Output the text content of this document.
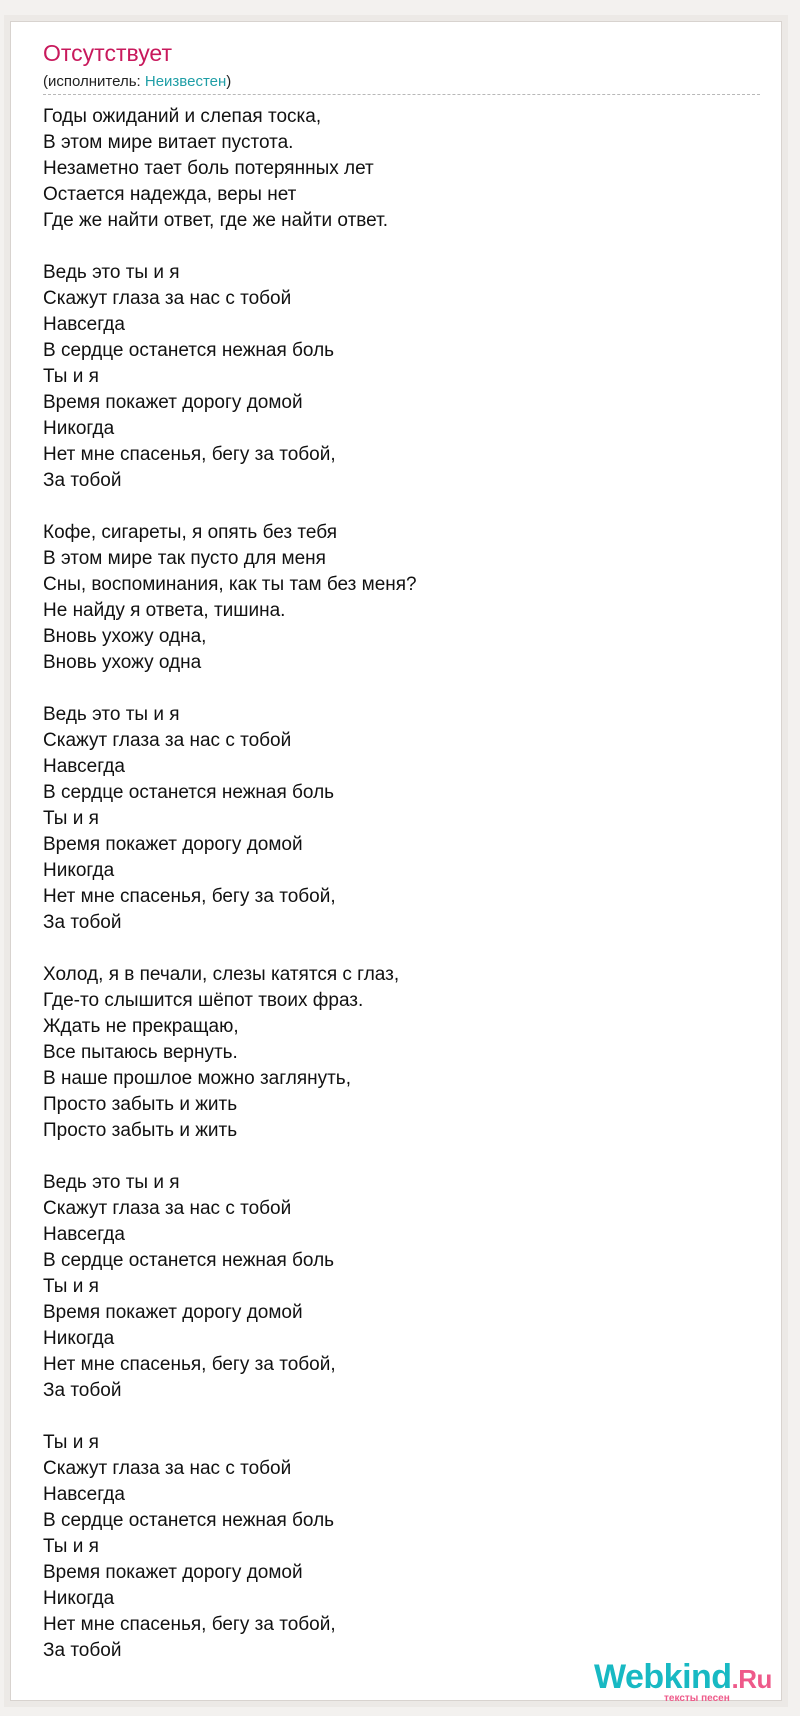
Отсутствует
(исполнитель: Неизвестен)
Годы ожиданий и слепая тоска,
В этом мире витает пустота.
Незаметно тает боль потерянных лет
Остается надежда, веры нет
Где же найти ответ, где же найти ответ.
Ведь это ты и я
Скажут глаза за нас с тобой
Навсегда
В сердце останется нежная боль
Ты и я
Время покажет дорогу домой
Никогда
Нет мне спасенья, бегу за тобой,
За тобой
Кофе, сигареты, я опять без тебя
В этом мире так пусто для меня
Сны, воспоминания, как ты там без меня?
Не найду я ответа, тишина.
Вновь ухожу одна,
Вновь ухожу одна
Ведь это ты и я
Скажут глаза за нас с тобой
Навсегда
В сердце останется нежная боль
Ты и я
Время покажет дорогу домой
Никогда
Нет мне спасенья, бегу за тобой,
За тобой
Холод, я в печали, слезы катятся с глаз,
Где-то слышится шёпот твоих фраз.
Ждать не прекращаю,
Все пытаюсь вернуть.
В наше прошлое можно заглянуть,
Просто забыть и жить
Просто забыть и жить
Ведь это ты и я
Скажут глаза за нас с тобой
Навсегда
В сердце останется нежная боль
Ты и я
Время покажет дорогу домой
Никогда
Нет мне спасенья, бегу за тобой,
За тобой
Ты и я
Скажут глаза за нас с тобой
Навсегда
В сердце останется нежная боль
Ты и я
Время покажет дорогу домой
Никогда
Нет мне спасенья, бегу за тобой,
За тобой
Webkind.Ru
тексты песен
